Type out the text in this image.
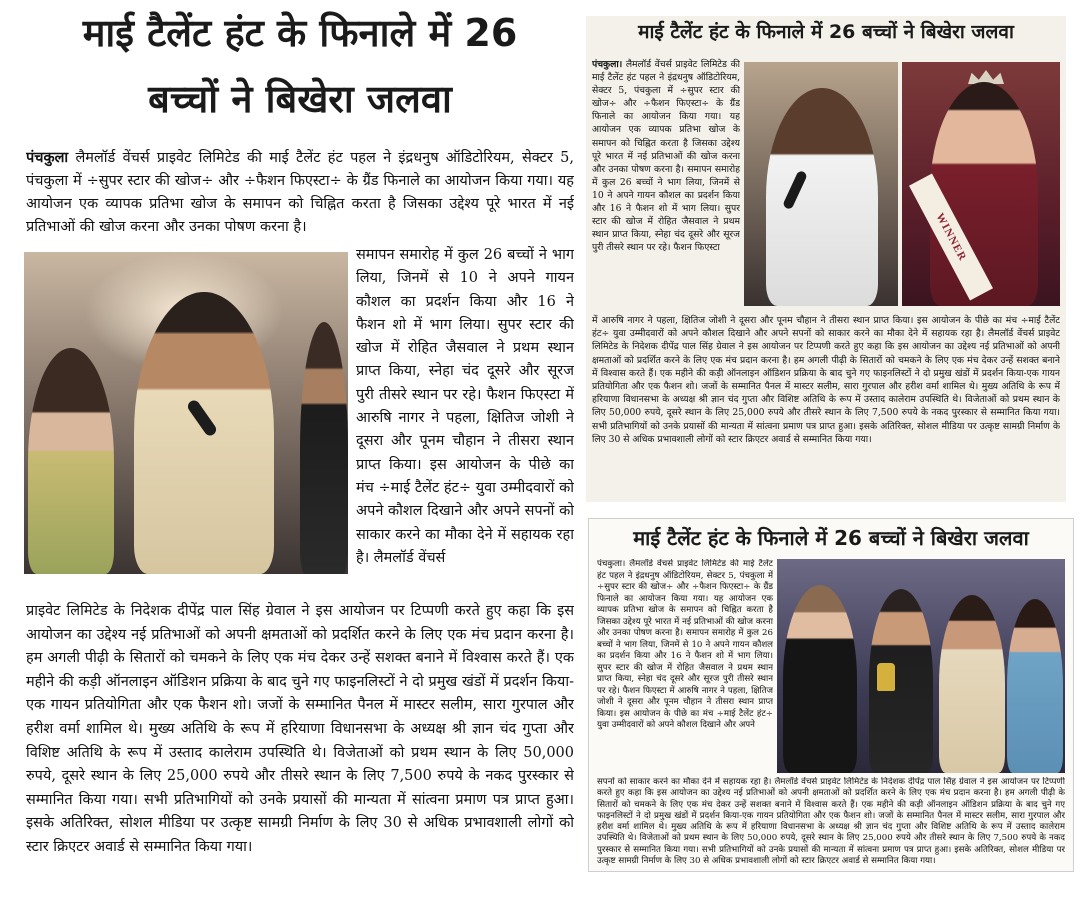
माई टैलेंट हंट के फिनाले में 26
बच्चों ने बिखेरा जलवा
पंचकुला लैमलॉर्ड वेंचर्स प्राइवेट लिमिटेड की माई टैलेंट हंट पहल ने इंद्रधनुष ऑडिटोरियम, सेक्टर 5, पंचकुला में ÷सुपर स्टार की खोज÷ और ÷फैशन फिएस्टा÷ के ग्रैंड फिनाले का आयोजन किया गया। यह आयोजन एक व्यापक प्रतिभा खोज के समापन को चिह्नित करता है जिसका उद्देश्य पूरे भारत में नई प्रतिभाओं की खोज करना और उनका पोषण करना है।
समापन समारोह में कुल 26 बच्चों ने भाग लिया, जिनमें से 10 ने अपने गायन कौशल का प्रदर्शन किया और 16 ने फैशन शो में भाग लिया। सुपर स्टार की खोज में रोहित जैसवाल ने प्रथम स्थान प्राप्त किया, स्नेहा चंद दूसरे और सूरज पुरी तीसरे स्थान पर रहे। फैशन फिएस्टा में आरुषि नागर ने पहला, क्षितिज जोशी ने दूसरा और पूनम चौहान ने तीसरा स्थान प्राप्त किया। इस आयोजन के पीछे का मंच ÷माई टैलेंट हंट÷ युवा उम्मीदवारों को अपने कौशल दिखाने और अपने सपनों को साकार करने का मौका देने में सहायक रहा है। लैमलॉर्ड वेंचर्स
प्राइवेट लिमिटेड के निदेशक दीपेंद्र पाल सिंह ग्रेवाल ने इस आयोजन पर टिप्पणी करते हुए कहा कि इस आयोजन का उद्देश्य नई प्रतिभाओं को अपनी क्षमताओं को प्रदर्शित करने के लिए एक मंच प्रदान करना है। हम अगली पीढ़ी के सितारों को चमकने के लिए एक मंच देकर उन्हें सशक्त बनाने में विश्वास करते हैं। एक महीने की कड़ी ऑनलाइन ऑडिशन प्रक्रिया के बाद चुने गए फाइनलिस्टों ने दो प्रमुख खंडों में प्रदर्शन किया-एक गायन प्रतियोगिता और एक फैशन शो। जजों के सम्मानित पैनल में मास्टर सलीम, सारा गुरपाल और हरीश वर्मा शामिल थे। मुख्य अतिथि के रूप में हरियाणा विधानसभा के अध्यक्ष श्री ज्ञान चंद गुप्ता और विशिष्ट अतिथि के रूप में उस्ताद कालेराम उपस्थिति थे। विजेताओं को प्रथम स्थान के लिए 50,000 रुपये, दूसरे स्थान के लिए 25,000 रुपये और तीसरे स्थान के लिए 7,500 रुपये के नकद पुरस्कार से सम्मानित किया गया। सभी प्रतिभागियों को उनके प्रयासों की मान्यता में सांत्वना प्रमाण पत्र प्राप्त हुआ। इसके अतिरिक्त, सोशल मीडिया पर उत्कृष्ट सामग्री निर्माण के लिए 30 से अधिक प्रभावशाली लोगों को स्टार क्रिएटर अवार्ड से सम्मानित किया गया।
माई टैलेंट हंट के फिनाले में 26 बच्चों ने बिखेरा जलवा
पंचकुला। लैमलॉर्ड वेंचर्स प्राइवेट लिमिटेड की माई टैलेंट हंट पहल ने इंद्रधनुष ऑडिटोरियम, सेक्टर 5, पंचकुला में ÷सुपर स्टार की खोज÷ और ÷फैशन फिएस्टा÷ के ग्रैंड फिनाले का आयोजन किया गया। यह आयोजन एक व्यापक प्रतिभा खोज के समापन को चिह्नित करता है जिसका उद्देश्य पूरे भारत में नई प्रतिभाओं की खोज करना और उनका पोषण करना है। समापन समारोह में कुल 26 बच्चों ने भाग लिया, जिनमें से 10 ने अपने गायन कौशल का प्रदर्शन किया और 16 ने फैशन शो में भाग लिया। सुपर स्टार की खोज में रोहित जैसवाल ने प्रथम स्थान प्राप्त किया, स्नेहा चंद दूसरे और सूरज पुरी तीसरे स्थान पर रहे। फैशन फिएस्टा	WINNER
में आरुषि नागर ने पहला, क्षितिज जोशी ने दूसरा और पूनम चौहान ने तीसरा स्थान प्राप्त किया। इस आयोजन के पीछे का मंच ÷माई टैलेंट हंट÷ युवा उम्मीदवारों को अपने कौशल दिखाने और अपने सपनों को साकार करने का मौका देने में सहायक रहा है। लैमलॉर्ड वेंचर्स प्राइवेट लिमिटेड के निदेशक दीपेंद्र पाल सिंह ग्रेवाल ने इस आयोजन पर टिप्पणी करते हुए कहा कि इस आयोजन का उद्देश्य नई प्रतिभाओं को अपनी क्षमताओं को प्रदर्शित करने के लिए एक मंच प्रदान करना है। हम अगली पीढ़ी के सितारों को चमकने के लिए एक मंच देकर उन्हें सशक्त बनाने में विश्वास करते हैं। एक महीने की कड़ी ऑनलाइन ऑडिशन प्रक्रिया के बाद चुने गए फाइनलिस्टों ने दो प्रमुख खंडों में प्रदर्शन किया-एक गायन प्रतियोगिता और एक फैशन शो। जजों के सम्मानित पैनल में मास्टर सलीम, सारा गुरपाल और हरीश वर्मा शामिल थे। मुख्य अतिथि के रूप में हरियाणा विधानसभा के अध्यक्ष श्री ज्ञान चंद गुप्ता और विशिष्ट अतिथि के रूप में उस्ताद कालेराम उपस्थिति थे। विजेताओं को प्रथम स्थान के लिए 50,000 रुपये, दूसरे स्थान के लिए 25,000 रुपये और तीसरे स्थान के लिए 7,500 रुपये के नकद पुरस्कार से सम्मानित किया गया। सभी प्रतिभागियों को उनके प्रयासों की मान्यता में सांत्वना प्रमाण पत्र प्राप्त हुआ। इसके अतिरिक्त, सोशल मीडिया पर उत्कृष्ट सामग्री निर्माण के लिए 30 से अधिक प्रभावशाली लोगों को स्टार क्रिएटर अवार्ड से सम्मानित किया गया।
माई टैलेंट हंट के फिनाले में 26 बच्चों ने बिखेरा जलवा
पंचकुला। लैमलॉर्ड वेंचर्स प्राइवेट लिमिटेड की माई टैलेंट हंट पहल ने इंद्रधनुष ऑडिटोरियम, सेक्टर 5, पंचकुला में ÷सुपर स्टार की खोज÷ और ÷फैशन फिएस्टा÷ के ग्रैंड फिनाले का आयोजन किया गया। यह आयोजन एक व्यापक प्रतिभा खोज के समापन को चिह्नित करता है जिसका उद्देश्य पूरे भारत में नई प्रतिभाओं की खोज करना और उनका पोषण करना है। समापन समारोह में कुल 26 बच्चों ने भाग लिया, जिनमें से 10 ने अपने गायन कौशल का प्रदर्शन किया और 16 ने फैशन शो में भाग लिया। सुपर स्टार की खोज में रोहित जैसवाल ने प्रथम स्थान प्राप्त किया, स्नेहा चंद दूसरे और सूरज पुरी तीसरे स्थान पर रहे। फैशन फिएस्टा में आरुषि नागर ने पहला, क्षितिज जोशी ने दूसरा और पूनम चौहान ने तीसरा स्थान प्राप्त किया। इस आयोजन के पीछे का मंच ÷माई टैलेंट हंट÷ युवा उम्मीदवारों को अपने कौशल दिखाने और अपने
सपनों को साकार करने का मौका देने में सहायक रहा है। लैमलॉर्ड वेंचर्स प्राइवेट लिमिटेड के निदेशक दीपेंद्र पाल सिंह ग्रेवाल ने इस आयोजन पर टिप्पणी करते हुए कहा कि इस आयोजन का उद्देश्य नई प्रतिभाओं को अपनी क्षमताओं को प्रदर्शित करने के लिए एक मंच प्रदान करना है। हम अगली पीढ़ी के सितारों को चमकने के लिए एक मंच देकर उन्हें सशक्त बनाने में विश्वास करते हैं। एक महीने की कड़ी ऑनलाइन ऑडिशन प्रक्रिया के बाद चुने गए फाइनलिस्टों ने दो प्रमुख खंडों में प्रदर्शन किया-एक गायन प्रतियोगिता और एक फैशन शो। जजों के सम्मानित पैनल में मास्टर सलीम, सारा गुरपाल और हरीश वर्मा शामिल थे। मुख्य अतिथि के रूप में हरियाणा विधानसभा के अध्यक्ष श्री ज्ञान चंद गुप्ता और विशिष्ट अतिथि के रूप में उस्ताद कालेराम उपस्थिति थे। विजेताओं को प्रथम स्थान के लिए 50,000 रुपये, दूसरे स्थान के लिए 25,000 रुपये और तीसरे स्थान के लिए 7,500 रुपये के नकद पुरस्कार से सम्मानित किया गया। सभी प्रतिभागियों को उनके प्रयासों की मान्यता में सांत्वना प्रमाण पत्र प्राप्त हुआ। इसके अतिरिक्त, सोशल मीडिया पर उत्कृष्ट सामग्री निर्माण के लिए 30 से अधिक प्रभावशाली लोगों को स्टार क्रिएटर अवार्ड से सम्मानित किया गया।
